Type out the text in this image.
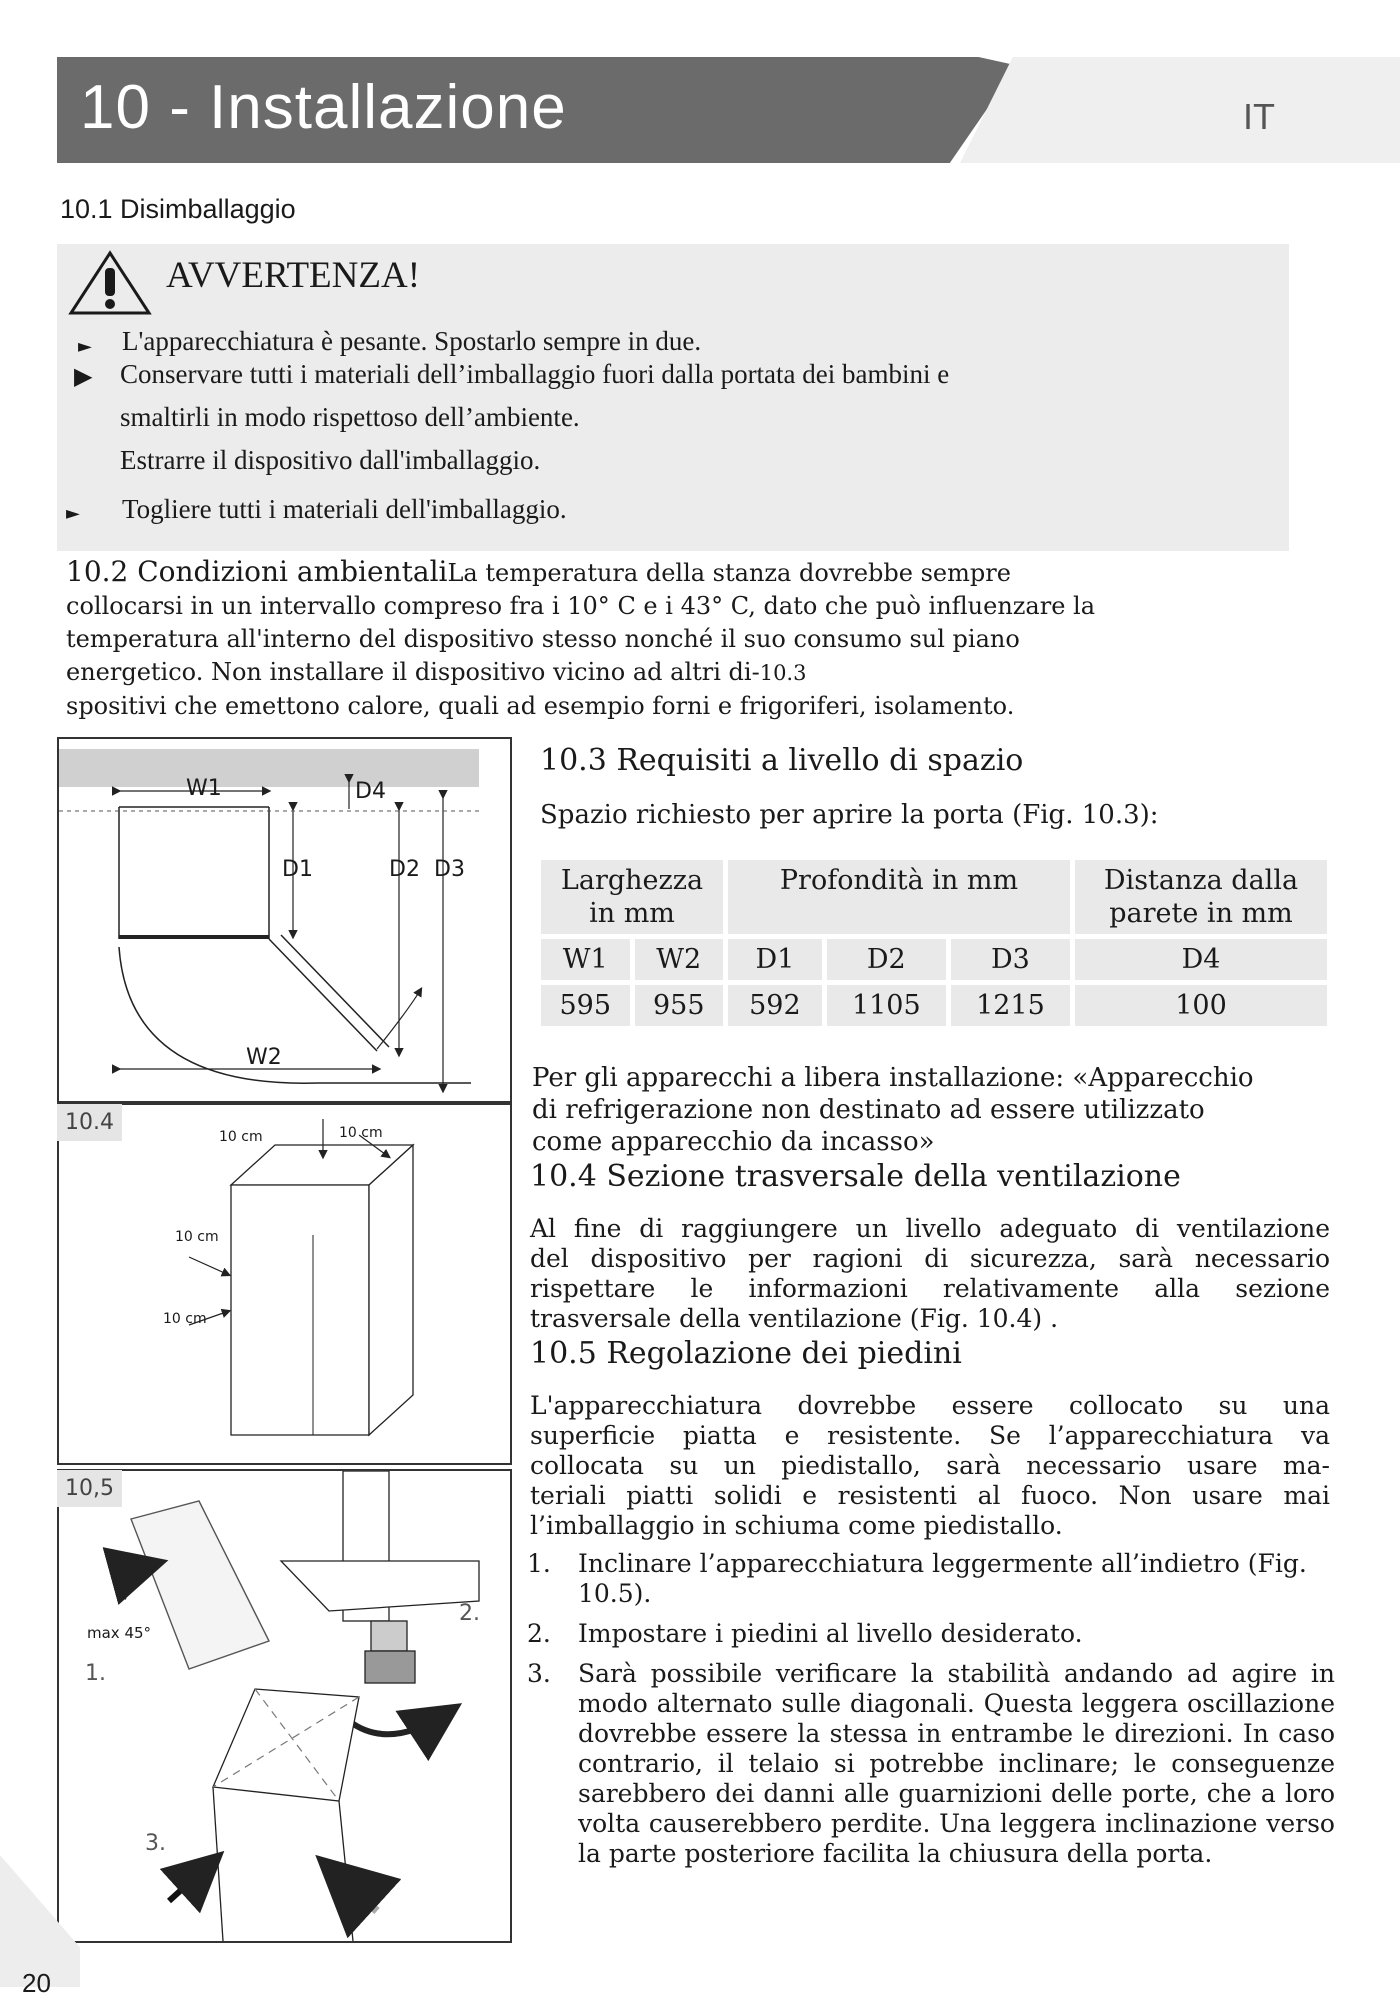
10 - Installazione	IT
10.1 Disimballaggio
AVVERTENZA!
► L'apparecchiatura è pesante. Spostarlo sempre in due.
▶ Conservare tutti i materiali dell’imballaggio fuori dalla portata dei bambini e
smaltirli in modo rispettoso dell’ambiente.
Estrarre il dispositivo dall'imballaggio.
► Togliere tutti i materiali dell'imballaggio.
10.2 Condizioni ambientaliLa temperatura della stanza dovrebbe sempre
collocarsi in un intervallo compreso fra i 10° C e i 43° C, dato che può influenzare la
temperatura all'interno del dispositivo stesso nonché il suo consumo sul piano
energetico. Non installare il dispositivo vicino ad altri di-10.3
spositivi che emettono calore, quali ad esempio forni e frigoriferi, isolamento.
W1	D4
D1	D2 D3
W2
10 cm	10 cm
10 cm
10 cm
10.4
max 45°
1.
2.
3.
10,5
10.3 Requisiti a livello di spazio
Spazio richiesto per aprire la porta (Fig. 10.3):
Larghezza in mm		Profondità in mm			Distanza dalla parete in mm
W1	W2	D1	D2	D3	D4
595	955	592	1105	1215	100
Per gli apparecchi a libera installazione: «Apparecchio
di refrigerazione non destinato ad essere utilizzato
come apparecchio da incasso»
10.4 Sezione trasversale della ventilazione
Al fine di raggiungere un livello adeguato di ventilazione
del dispositivo per ragioni di sicurezza, sarà necessario
rispettare le informazioni relativamente alla sezione
trasversale della ventilazione (Fig. 10.4) .
10.5 Regolazione dei piedini
L'apparecchiatura dovrebbe essere collocato su una
superficie piatta e resistente. Se l’apparecchiatura va
collocata su un piedistallo, sarà necessario usare ma-
teriali piatti solidi e resistenti al fuoco. Non usare mai
l’imballaggio in schiuma come piedistallo.
1.	Inclinare l’apparecchiatura leggermente all’indietro (Fig. 10.5).
2.	Impostare i piedini al livello desiderato.
3.	Sarà possibile verificare la stabilità andando ad agire in modo alternato sulle diagonali. Questa leggera oscillazione dovrebbe essere la stessa in entrambe le direzioni. In caso contrario, il telaio si potrebbe inclinare; le conseguenze sarebbero dei danni alle guarnizioni delle porte, che a loro volta causerebbero perdite. Una leggera inclinazione verso la parte posteriore facilita la chiusura della porta.
20
